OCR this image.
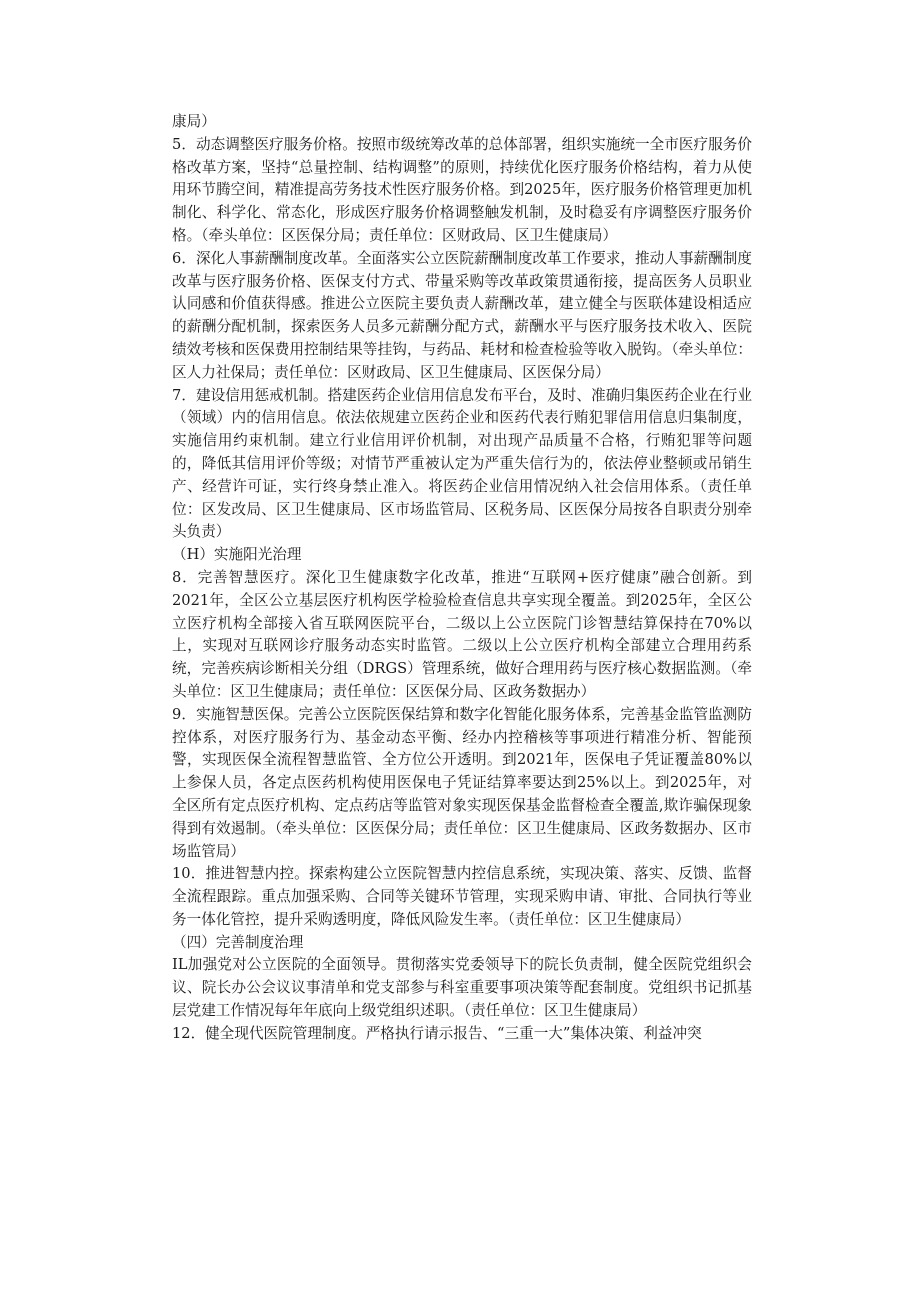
康局）

5．动态调整医疗服务价格。按照市级统筹改革的总体部署，组织实施统一全市医疗服务价格改革方案，坚持“总量控制、结构调整”的原则，持续优化医疗服务价格结构，着力从使用环节腾空间，精准提高劳务技术性医疗服务价格。到2025年，医疗服务价格管理更加机制化、科学化、常态化，形成医疗服务价格调整触发机制，及时稳妥有序调整医疗服务价格。（牵头单位：区医保分局；责任单位：区财政局、区卫生健康局）

6．深化人事薪酬制度改革。全面落实公立医院薪酬制度改革工作要求，推动人事薪酬制度改革与医疗服务价格、医保支付方式、带量采购等改革政策贯通衔接，提高医务人员职业认同感和价值获得感。推进公立医院主要负责人薪酬改革，建立健全与医联体建设相适应的薪酬分配机制，探索医务人员多元薪酬分配方式，薪酬水平与医疗服务技术收入、医院绩效考核和医保费用控制结果等挂钩，与药品、耗材和检查检验等收入脱钩。（牵头单位：区人力社保局；责任单位：区财政局、区卫生健康局、区医保分局）

7．建设信用惩戒机制。搭建医药企业信用信息发布平台，及时、准确归集医药企业在行业（领域）内的信用信息。依法依规建立医药企业和医药代表行贿犯罪信用信息归集制度，实施信用约束机制。建立行业信用评价机制，对出现产品质量不合格，行贿犯罪等问题的，降低其信用评价等级；对情节严重被认定为严重失信行为的，依法停业整顿或吊销生产、经营许可证，实行终身禁止准入。将医药企业信用情况纳入社会信用体系。（责任单位：区发改局、区卫生健康局、区市场监管局、区税务局、区医保分局按各自职责分别牵头负责）

（H）实施阳光治理

8．完善智慧医疗。深化卫生健康数字化改革，推进“互联网+医疗健康”融合创新。到2021年，全区公立基层医疗机构医学检验检查信息共享实现全覆盖。到2025年，全区公立医疗机构全部接入省互联网医院平台，二级以上公立医院门诊智慧结算保持在70%以上，实现对互联网诊疗服务动态实时监管。二级以上公立医疗机构全部建立合理用药系统，完善疾病诊断相关分组（DRGS）管理系统，做好合理用药与医疗核心数据监测。（牵头单位：区卫生健康局；责任单位：区医保分局、区政务数据办）

9．实施智慧医保。完善公立医院医保结算和数字化智能化服务体系，完善基金监管监测防控体系，对医疗服务行为、基金动态平衡、经办内控稽核等事项进行精准分析、智能预警，实现医保全流程智慧监管、全方位公开透明。到2021年，医保电子凭证覆盖80%以上参保人员，各定点医药机构使用医保电子凭证结算率要达到25%以上。到2025年，对全区所有定点医疗机构、定点药店等监管对象实现医保基金监督检查全覆盖,欺诈骗保现象得到有效遏制。（牵头单位：区医保分局；责任单位：区卫生健康局、区政务数据办、区市场监管局）

10．推进智慧内控。探索构建公立医院智慧内控信息系统，实现决策、落实、反馈、监督全流程跟踪。重点加强采购、合同等关键环节管理，实现采购申请、审批、合同执行等业务一体化管控，提升采购透明度，降低风险发生率。（责任单位：区卫生健康局）

（四）完善制度治理

IL加强党对公立医院的全面领导。贯彻落实党委领导下的院长负责制，健全医院党组织会议、院长办公会议议事清单和党支部参与科室重要事项决策等配套制度。党组织书记抓基层党建工作情况每年年底向上级党组织述职。（责任单位：区卫生健康局）

12．健全现代医院管理制度。严格执行请示报告、“三重一大”集体决策、利益冲突
